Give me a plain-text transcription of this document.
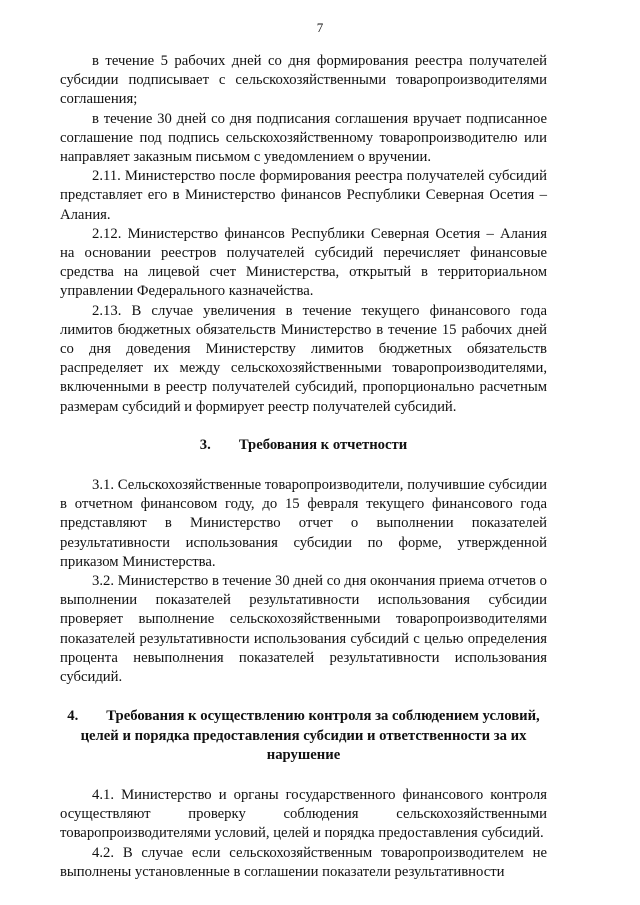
7

в течение 5 рабочих дней со дня формирования реестра получателей субсидии подписывает с сельскохозяйственными товаропроизводителями соглашения;

в течение 30 дней со дня подписания соглашения вручает подписанное соглашение под подпись сельскохозяйственному товаропроизводителю или направляет заказным письмом с уведомлением о вручении.

2.11. Министерство после формирования реестра получателей субсидий представляет его в Министерство финансов Республики Северная Осетия – Алания.

2.12. Министерство финансов Республики Северная Осетия – Алания на основании реестров получателей субсидий перечисляет финансовые средства на лицевой счет Министерства, открытый в территориальном управлении Федерального казначейства.

2.13. В случае увеличения в течение текущего финансового года лимитов бюджетных обязательств Министерство в течение 15 рабочих дней со дня доведения Министерству лимитов бюджетных обязательств распределяет их между сельскохозяйственными товаропроизводителями, включенными в реестр получателей субсидий, пропорционально расчетным размерам субсидий и формирует реестр получателей субсидий.

3. Требования к отчетности

3.1. Сельскохозяйственные товаропроизводители, получившие субсидии в отчетном финансовом году, до 15 февраля текущего финансового года представляют в Министерство отчет о выполнении показателей результативности использования субсидии по форме, утвержденной приказом Министерства.

3.2. Министерство в течение 30 дней со дня окончания приема отчетов о выполнении показателей результативности использования субсидии проверяет выполнение сельскохозяйственными товаропроизводителями показателей результативности использования субсидий с целью определения процента невыполнения показателей результативности использования субсидий.

4. Требования к осуществлению контроля за соблюдением условий, целей и порядка предоставления субсидии и ответственности за их нарушение

4.1. Министерство и органы государственного финансового контроля осуществляют проверку соблюдения сельскохозяйственными товаропроизводителями условий, целей и порядка предоставления субсидий.

4.2. В случае если сельскохозяйственным товаропроизводителем не выполнены установленные в соглашении показатели результативности
